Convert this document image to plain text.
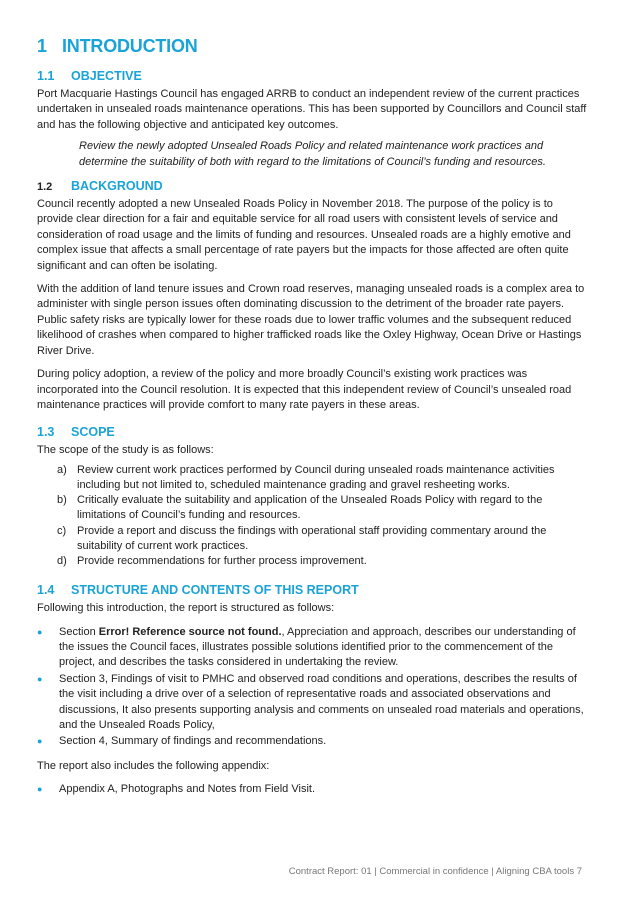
1 INTRODUCTION
1.1	OBJECTIVE

Port Macquarie Hastings Council has engaged ARRB to conduct an independent review of the current practices undertaken in unsealed roads maintenance operations. This has been supported by Councillors and Council staff and has the following objective and anticipated key outcomes.

Review the newly adopted Unsealed Roads Policy and related maintenance work practices and determine the suitability of both with regard to the limitations of Council’s funding and resources.
1.2	BACKGROUND

Council recently adopted a new Unsealed Roads Policy in November 2018. The purpose of the policy is to provide clear direction for a fair and equitable service for all road users with consistent levels of service and consideration of road usage and the limits of funding and resources. Unsealed roads are a highly emotive and complex issue that affects a small percentage of rate payers but the impacts for those affected are often quite significant and can often be isolating.

With the addition of land tenure issues and Crown road reserves, managing unsealed roads is a complex area to administer with single person issues often dominating discussion to the detriment of the broader rate payers. Public safety risks are typically lower for these roads due to lower traffic volumes and the subsequent reduced likelihood of crashes when compared to higher trafficked roads like the Oxley Highway, Ocean Drive or Hastings River Drive.

During policy adoption, a review of the policy and more broadly Council’s existing work practices was incorporated into the Council resolution. It is expected that this independent review of Council’s unsealed road maintenance practices will provide comfort to many rate payers in these areas.

1.3	SCOPE

The scope of the study is as follows:

a) Review current work practices performed by Council during unsealed roads maintenance activities including but not limited to, scheduled maintenance grading and gravel resheeting works.
b) Critically evaluate the suitability and application of the Unsealed Roads Policy with regard to the limitations of Council’s funding and resources.
c) Provide a report and discuss the findings with operational staff providing commentary around the suitability of current work practices.
d) Provide recommendations for further process improvement.
1.4	STRUCTURE AND CONTENTS OF THIS REPORT

Following this introduction, the report is structured as follows:

●	Section Error! Reference source not found., Appreciation and approach, describes our understanding of the issues the Council faces, illustrates possible solutions identified prior to the commencement of the project, and describes the tasks considered in undertaking the review.
●	Section 3, Findings of visit to PMHC and observed road conditions and operations, describes the results of the visit including a drive over of a selection of representative roads and associated observations and discussions, It also presents supporting analysis and comments on unsealed road materials and operations, and the Unsealed Roads Policy,
●	Section 4, Summary of findings and recommendations.

The report also includes the following appendix:

●	Appendix A, Photographs and Notes from Field Visit.
Contract Report: 01 | Commercial in confidence | Aligning CBA tools 7
